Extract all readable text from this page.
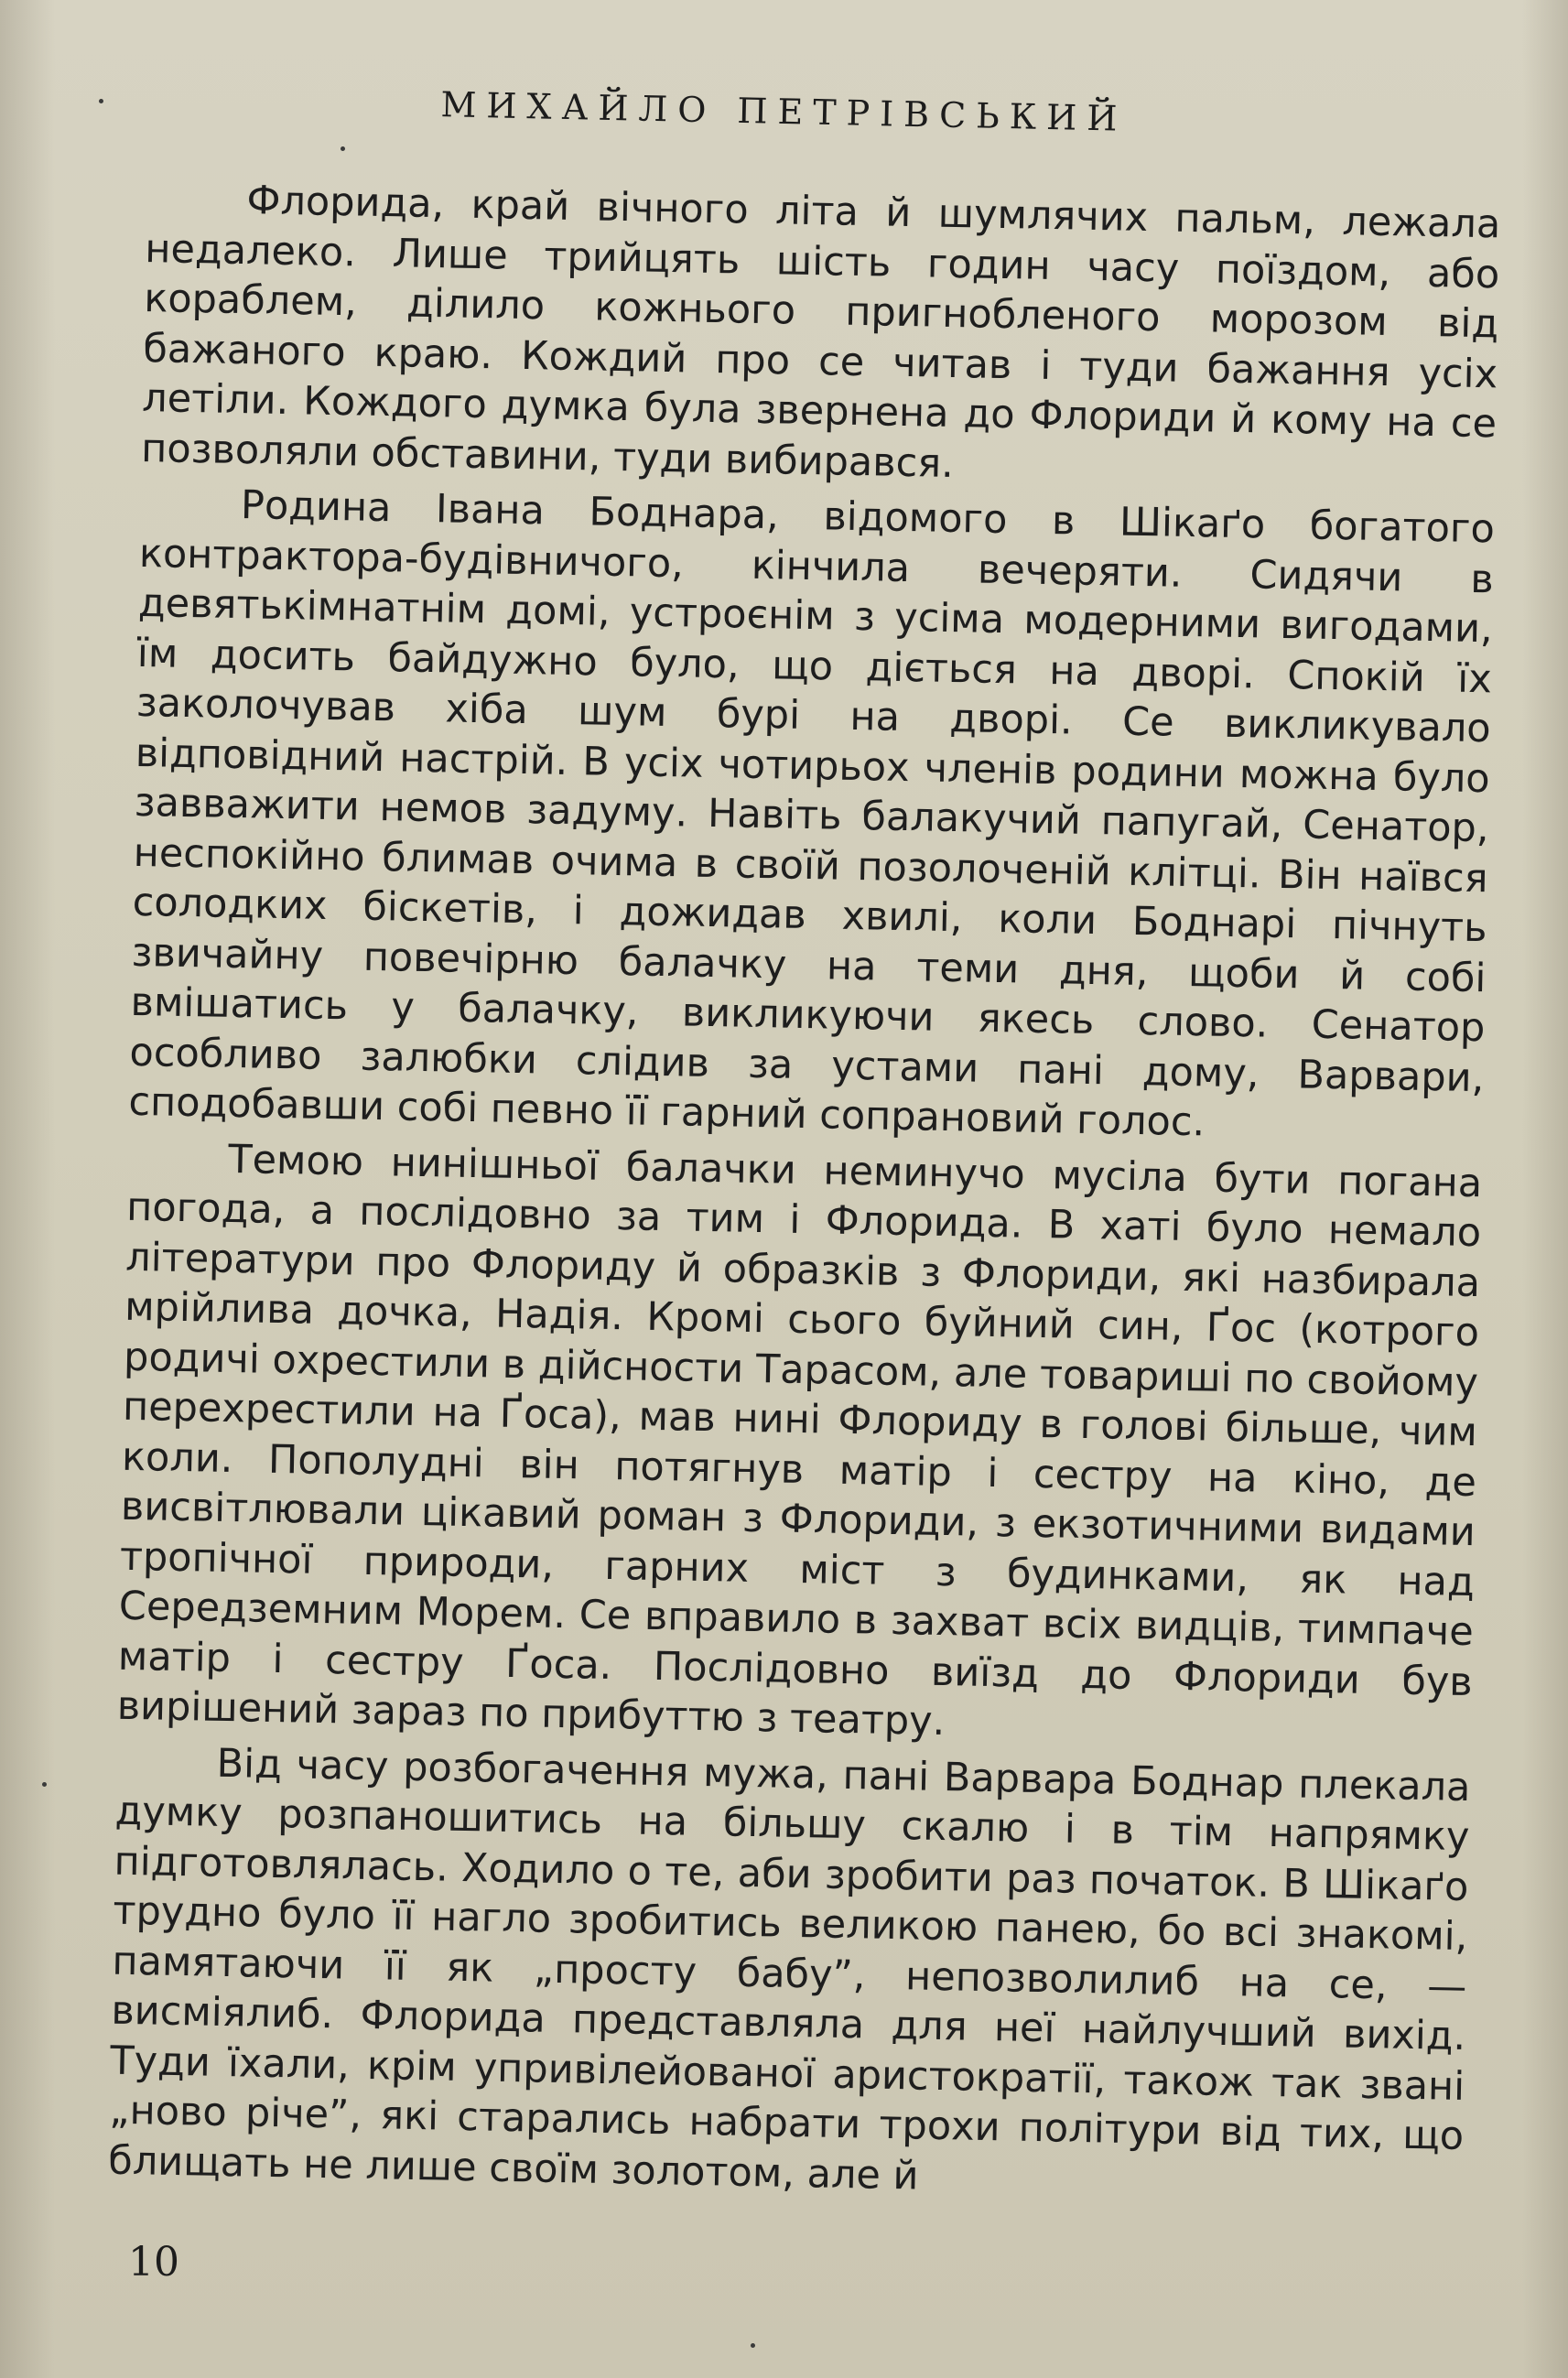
МИХАЙЛО ПЕТРІВСЬКИЙ

Флорида, край вічного літа й шумлячих пальм, лежала недалеко. Лише трийцять шість годин часу поїздом, або кораблем, ділило кожнього пригнобленого морозом від бажаного краю. Кождий про се читав і туди бажання усіх летіли. Кождого думка була звернена до Флориди й кому на се позволяли обставини, туди вибирався.

Родина Івана Боднара, відомого в Шікаґо богатого контрактора-будівничого, кінчила вечеряти. Сидячи в девятькімнатнім домі, устроєнім з усіма модерними вигодами, їм досить байдужно було, що діється на дворі. Спокій їх заколочував хіба шум бурі на дворі. Се викликувало відповідний настрій. В усіх чотирьох членів родини можна було завважити немов задуму. Навіть балакучий папугай, Сенатор, неспокійно блимав очима в своїй позолоченій клітці. Він наївся солодких біскетів, і дожидав хвилі, коли Боднарі пічнуть звичайну повечірню балачку на теми дня, щоби й собі вмішатись у балачку, викликуючи якесь слово. Сенатор особливо залюбки слідив за устами пані дому, Варвари, сподобавши собі певно її гарний сопрановий голос.

Темою нинішньої балачки неминучо мусіла бути погана погода, а послідовно за тим і Флорида. В хаті було немало літератури про Флориду й образків з Флориди, які назбирала мрійлива дочка, Надія. Кромі сього буйний син, Ґос (котрого родичі охрестили в дійсности Тарасом, але товариші по свойому перехрестили на Ґоса), мав нині Флориду в голові більше, чим коли. Пополудні він потягнув матір і сестру на кіно, де висвітлювали цікавий роман з Флориди, з екзотичними видами тропічної природи, гарних міст з будинками, як над Середземним Морем. Се вправило в захват всіх видців, тимпаче матір і сестру Ґоса. Послідовно виїзд до Флориди був вирішений зараз по прибуттю з театру.

Від часу розбогачення мужа, пані Варвара Боднар плекала думку розпаношитись на більшу скалю і в тім напрямку підготовлялась. Ходило о те, аби зробити раз початок. В Шікаґо трудно було її нагло зробитись великою панею, бо всі знакомі, памятаючи її як „просту бабу”, непозволилиб на се, — висміялиб. Флорида представляла для неї найлучший вихід. Туди їхали, крім упривілейованої аристократії, також так звані „ново річе”, які старались набрати трохи політури від тих, що блищать не лише своїм золотом, але й

10
